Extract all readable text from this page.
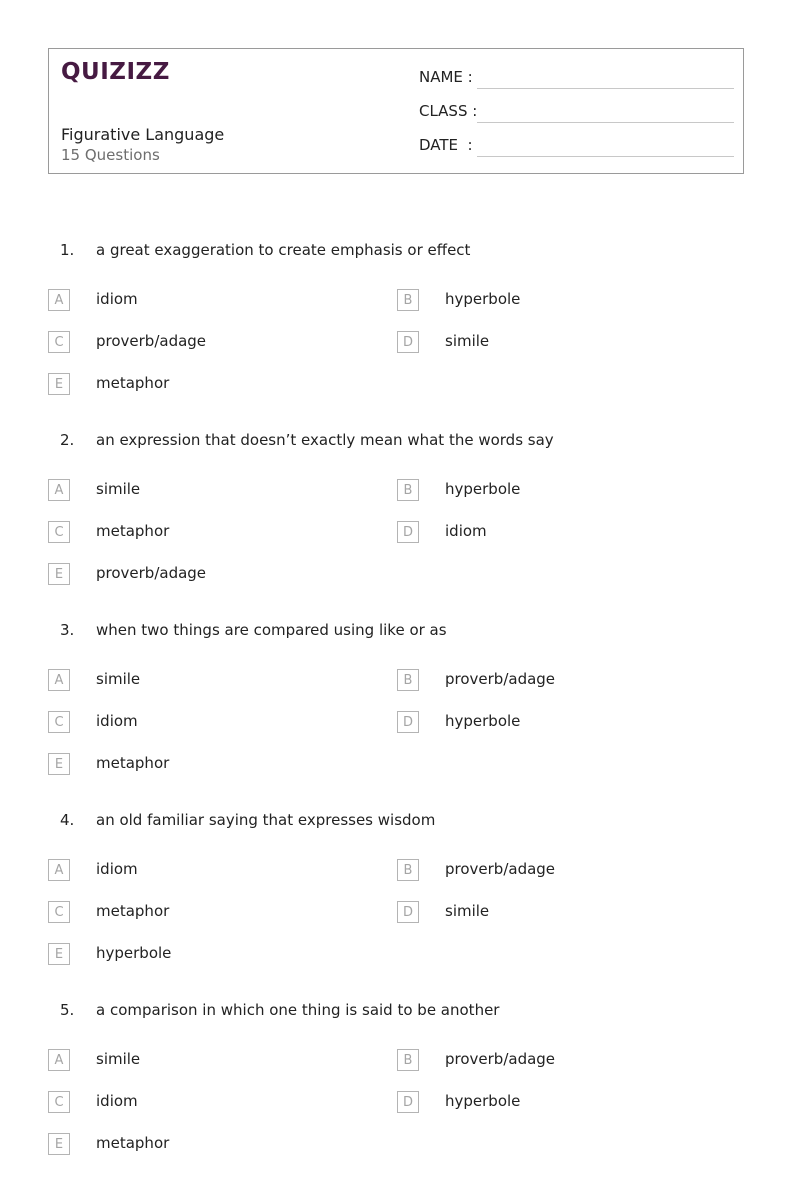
QUIZIZZ
Figurative Language
15 Questions
NAME :
CLASS :
DATE  :
1. a great exaggeration to create emphasis or effect
A	idiom	B	hyperbole
C	proverb/adage	D	simile
E	metaphor
2. an expression that doesn’t exactly mean what the words say
A	simile	B	hyperbole
C	metaphor	D	idiom
E	proverb/adage
3. when two things are compared using like or as
A	simile	B	proverb/adage
C	idiom	D	hyperbole
E	metaphor
4. an old familiar saying that expresses wisdom
A	idiom	B	proverb/adage
C	metaphor	D	simile
E	hyperbole
5. a comparison in which one thing is said to be another
A	simile	B	proverb/adage
C	idiom	D	hyperbole
E	metaphor
